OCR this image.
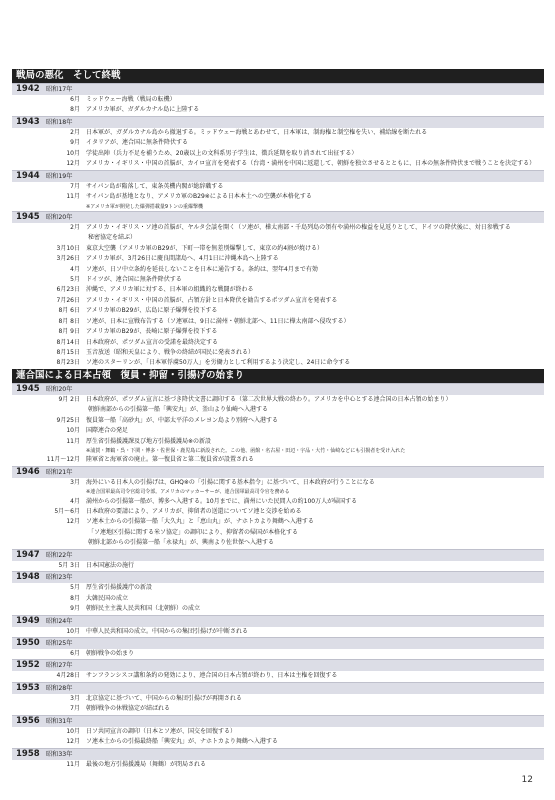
戦局の悪化　そして終戦
1942 昭和17年
6月 ミッドウェー海戦（戦局の転機）
8月 アメリカ軍が、ガダルカナル島に上陸する
1943 昭和18年
2月 日本軍が、ガダルカナル島から撤退する。ミッドウェー海戦とあわせて、日本軍は、制海権と制空権を失い、補給線を断たれる
9月 イタリアが、連合国に無条件降伏する
10月 学徒出陣（兵力不足を補うため、20歳以上の文科系男子学生は、徴兵延期を取り消されて出征する）
12月 アメリカ・イギリス・中国の首脳が、カイロ宣言を発表する（台湾・満州を中国に返還して、朝鮮を独立させるとともに、日本の無条件降伏まで戦うことを決定する）
1944 昭和19年
7月 サイパン島が陥落して、東条英機内閣が総辞職する
11月 サイパン島が基地となり、アメリカ軍のB29※による日本本土への空襲が本格化する
※アメリカ軍が開発した爆弾搭載量9トンの重爆撃機
1945 昭和20年
2月 アメリカ・イギリス・ソ連の首脳が、ヤルタ会談を開く（ソ連が、樺太南部・千島列島の領有や満州の権益を見返りとして、ドイツの降伏後に、対日参戦する
秘密協定を結ぶ）
3月10日 東京大空襲（アメリカ軍のB29が、下町一帯を無差別爆撃して、東京の約4割が焼ける）
3月26日 アメリカ軍が、3月26日に慶良間諸島へ、4月1日に沖縄本島へ上陸する
4月 ソ連が、日ソ中立条約を延長しないことを日本に通告する。条約は、翌年4月まで有効
5月 ドイツが、連合国に無条件降伏する
6月23日 沖縄で、アメリカ軍に対する、日本軍の組織的な戦闘が終わる
7月26日 アメリカ・イギリス・中国の首脳が、占領方針と日本降伏を勧告するポツダム宣言を発表する
8月 6日 アメリカ軍のB29が、広島に原子爆弾を投下する
8月 8日 ソ連が、日本に宣戦布告する（ソ連軍は、9日に満州・朝鮮北部へ、11日に樺太南部へ侵攻する）
8月 9日 アメリカ軍のB29が、長崎に原子爆弾を投下する
8月14日 日本政府が、ポツダム宣言の受諾を最終決定する
8月15日 玉音放送（昭和天皇により、戦争の終結が国民に発表される）
8月23日 ソ連のスターリンが、「日本軍俘虜50万人」を労働力として利用するよう決定し、24日に命令する
連合国による日本占領　復員・抑留・引揚げの始まり
1945 昭和20年
9月 2日 日本政府が、ポツダム宣言に基づき降伏文書に調印する（第二次世界大戦の終わり。アメリカを中心とする連合国の日本占領の始まり）
朝鮮南部からの引揚第一船「興安丸」が、釜山より仙崎へ入港する
9月25日 復員第一船「高砂丸」が、中部太平洋のメレヨン島より別府へ入港する
10月 国際連合の発足
11月 厚生省引揚援護課及び地方引揚援護局※の新設
※浦賀・舞鶴・呉・下関・博多・佐世保・鹿児島に新設された。この他、函館・名古屋・田辺・宇品・大竹・仙崎などにも引揚者を受け入れた
11月〜12月 陸軍省と海軍省の廃止。第一復員省と第二復員省が設置される
1946 昭和21年
3月 海外にいる日本人の引揚げは、GHQ※の「引揚に関する基本指令」に基づいて、日本政府が行うことになる
※連合国軍最高司令官総司令部。アメリカのマッカーサーが、連合国軍最高司令官を務める
4月 満州からの引揚第一船が、博多へ入港する。10月までに、満州にいた民間人の約100万人が帰国する
5月〜6月 日本政府の要請により、アメリカが、抑留者の送還についてソ連と交渉を始める
12月 ソ連本土からの引揚第一船「大久丸」と「恵山丸」が、ナホトカより舞鶴へ入港する
「ソ連地区引揚に関する米ソ協定」の調印により、抑留者の帰国が本格化する
朝鮮北部からの引揚第一船「永禄丸」が、興南より佐世保へ入港する
1947 昭和22年
5月 3日 日本国憲法の施行
1948 昭和23年
5月 厚生省引揚援護庁の新設
8月 大韓民国の成立
9月 朝鮮民主主義人民共和国（北朝鮮）の成立
1949 昭和24年
10月 中華人民共和国の成立。中国からの集団引揚げが中断される
1950 昭和25年
6月 朝鮮戦争の始まり
1952 昭和27年
4月28日 サンフランシスコ講和条約の発効により、連合国の日本占領が終わり、日本は主権を回復する
1953 昭和28年
3月 北京協定に基づいて、中国からの集団引揚げが再開される
7月 朝鮮戦争の休戦協定が結ばれる
1956 昭和31年
10月 日ソ共同宣言の調印（日本とソ連が、国交を回復する）
12月 ソ連本土からの引揚最終船「興安丸」が、ナホトカより舞鶴へ入港する
1958 昭和33年
11月 最後の地方引揚援護局（舞鶴）が閉局される
12
